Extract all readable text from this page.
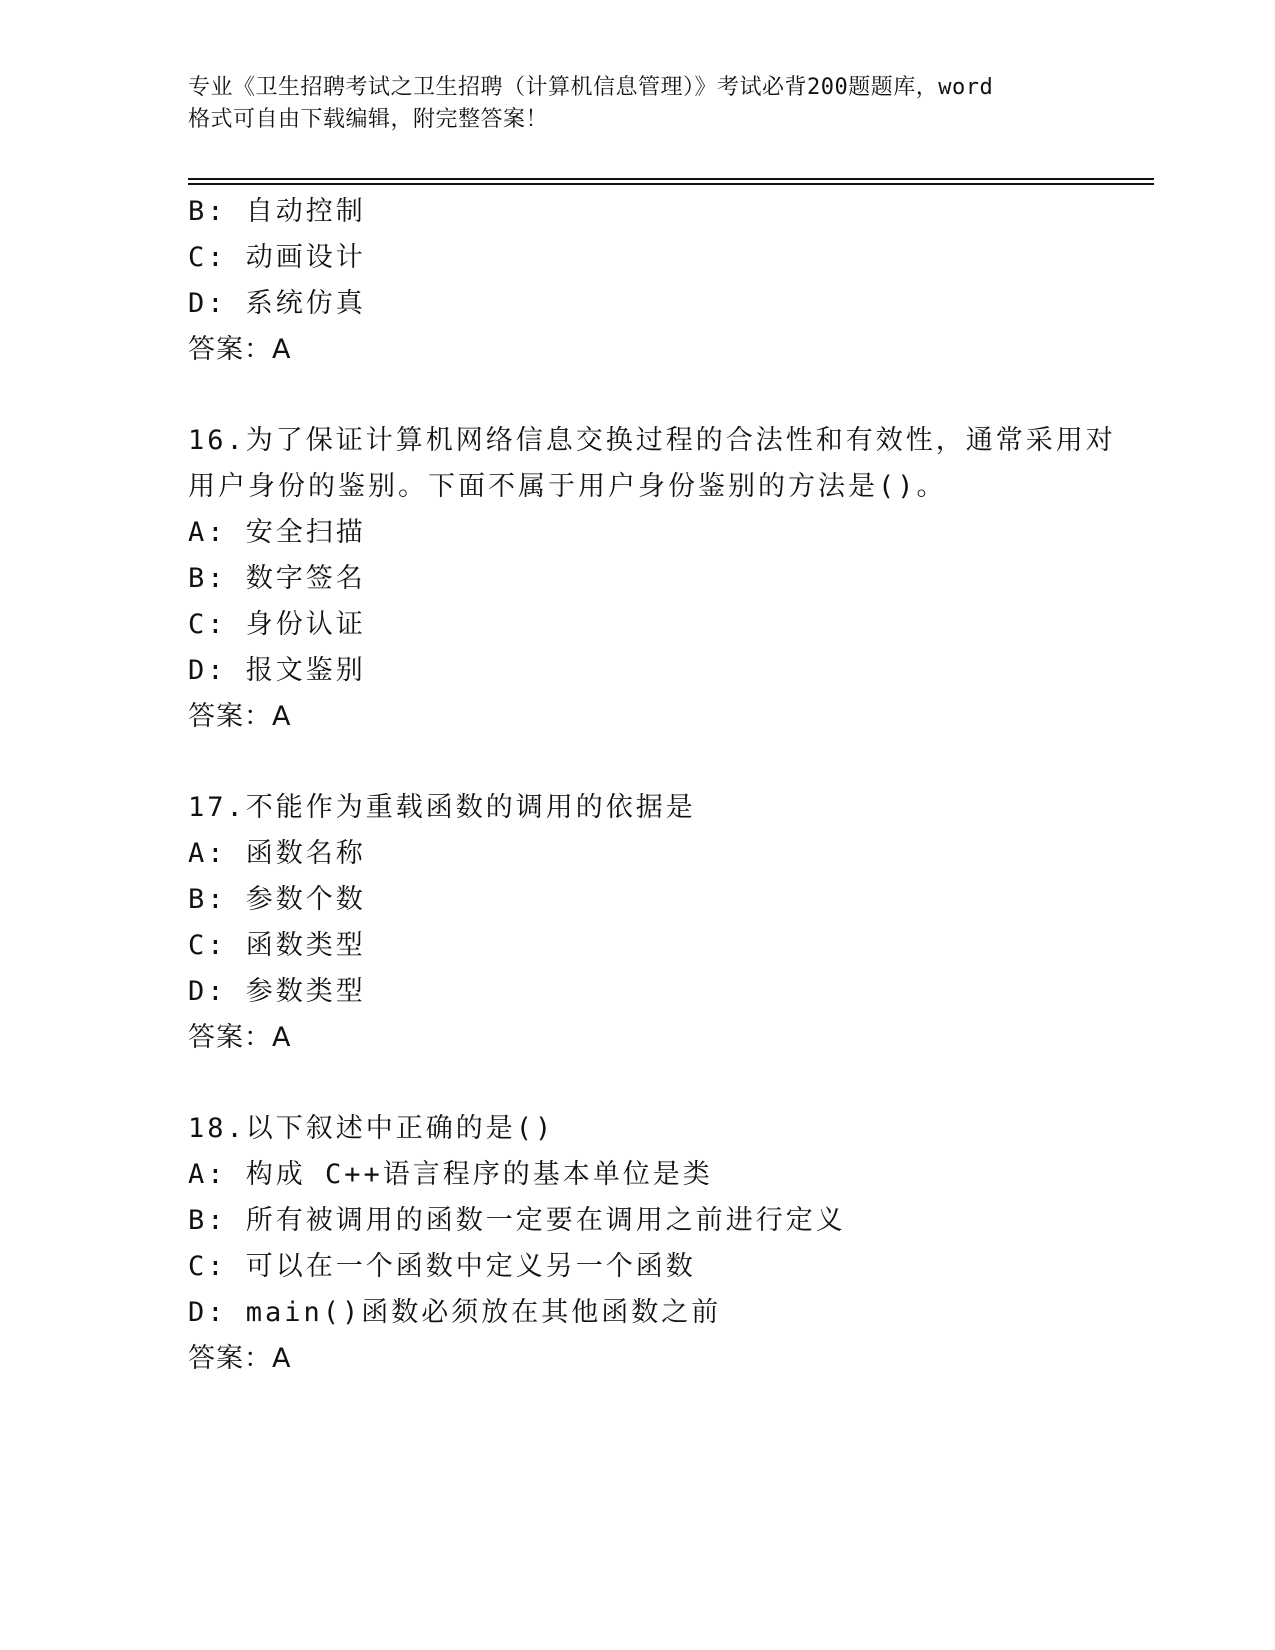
专业《卫生招聘考试之卫生招聘（计算机信息管理）》考试必背200题题库，word
格式可自由下载编辑，附完整答案！
B: 自动控制
C: 动画设计
D: 系统仿真
答案：A
16.为了保证计算机网络信息交换过程的合法性和有效性，通常采用对
用户身份的鉴别。下面不属于用户身份鉴别的方法是()。
A: 安全扫描
B: 数字签名
C: 身份认证
D: 报文鉴别
答案：A
17.不能作为重载函数的调用的依据是
A: 函数名称
B: 参数个数
C: 函数类型
D: 参数类型
答案：A
18.以下叙述中正确的是()
A: 构成 C++语言程序的基本单位是类
B: 所有被调用的函数一定要在调用之前进行定义
C: 可以在一个函数中定义另一个函数
D: main()函数必须放在其他函数之前
答案：A
